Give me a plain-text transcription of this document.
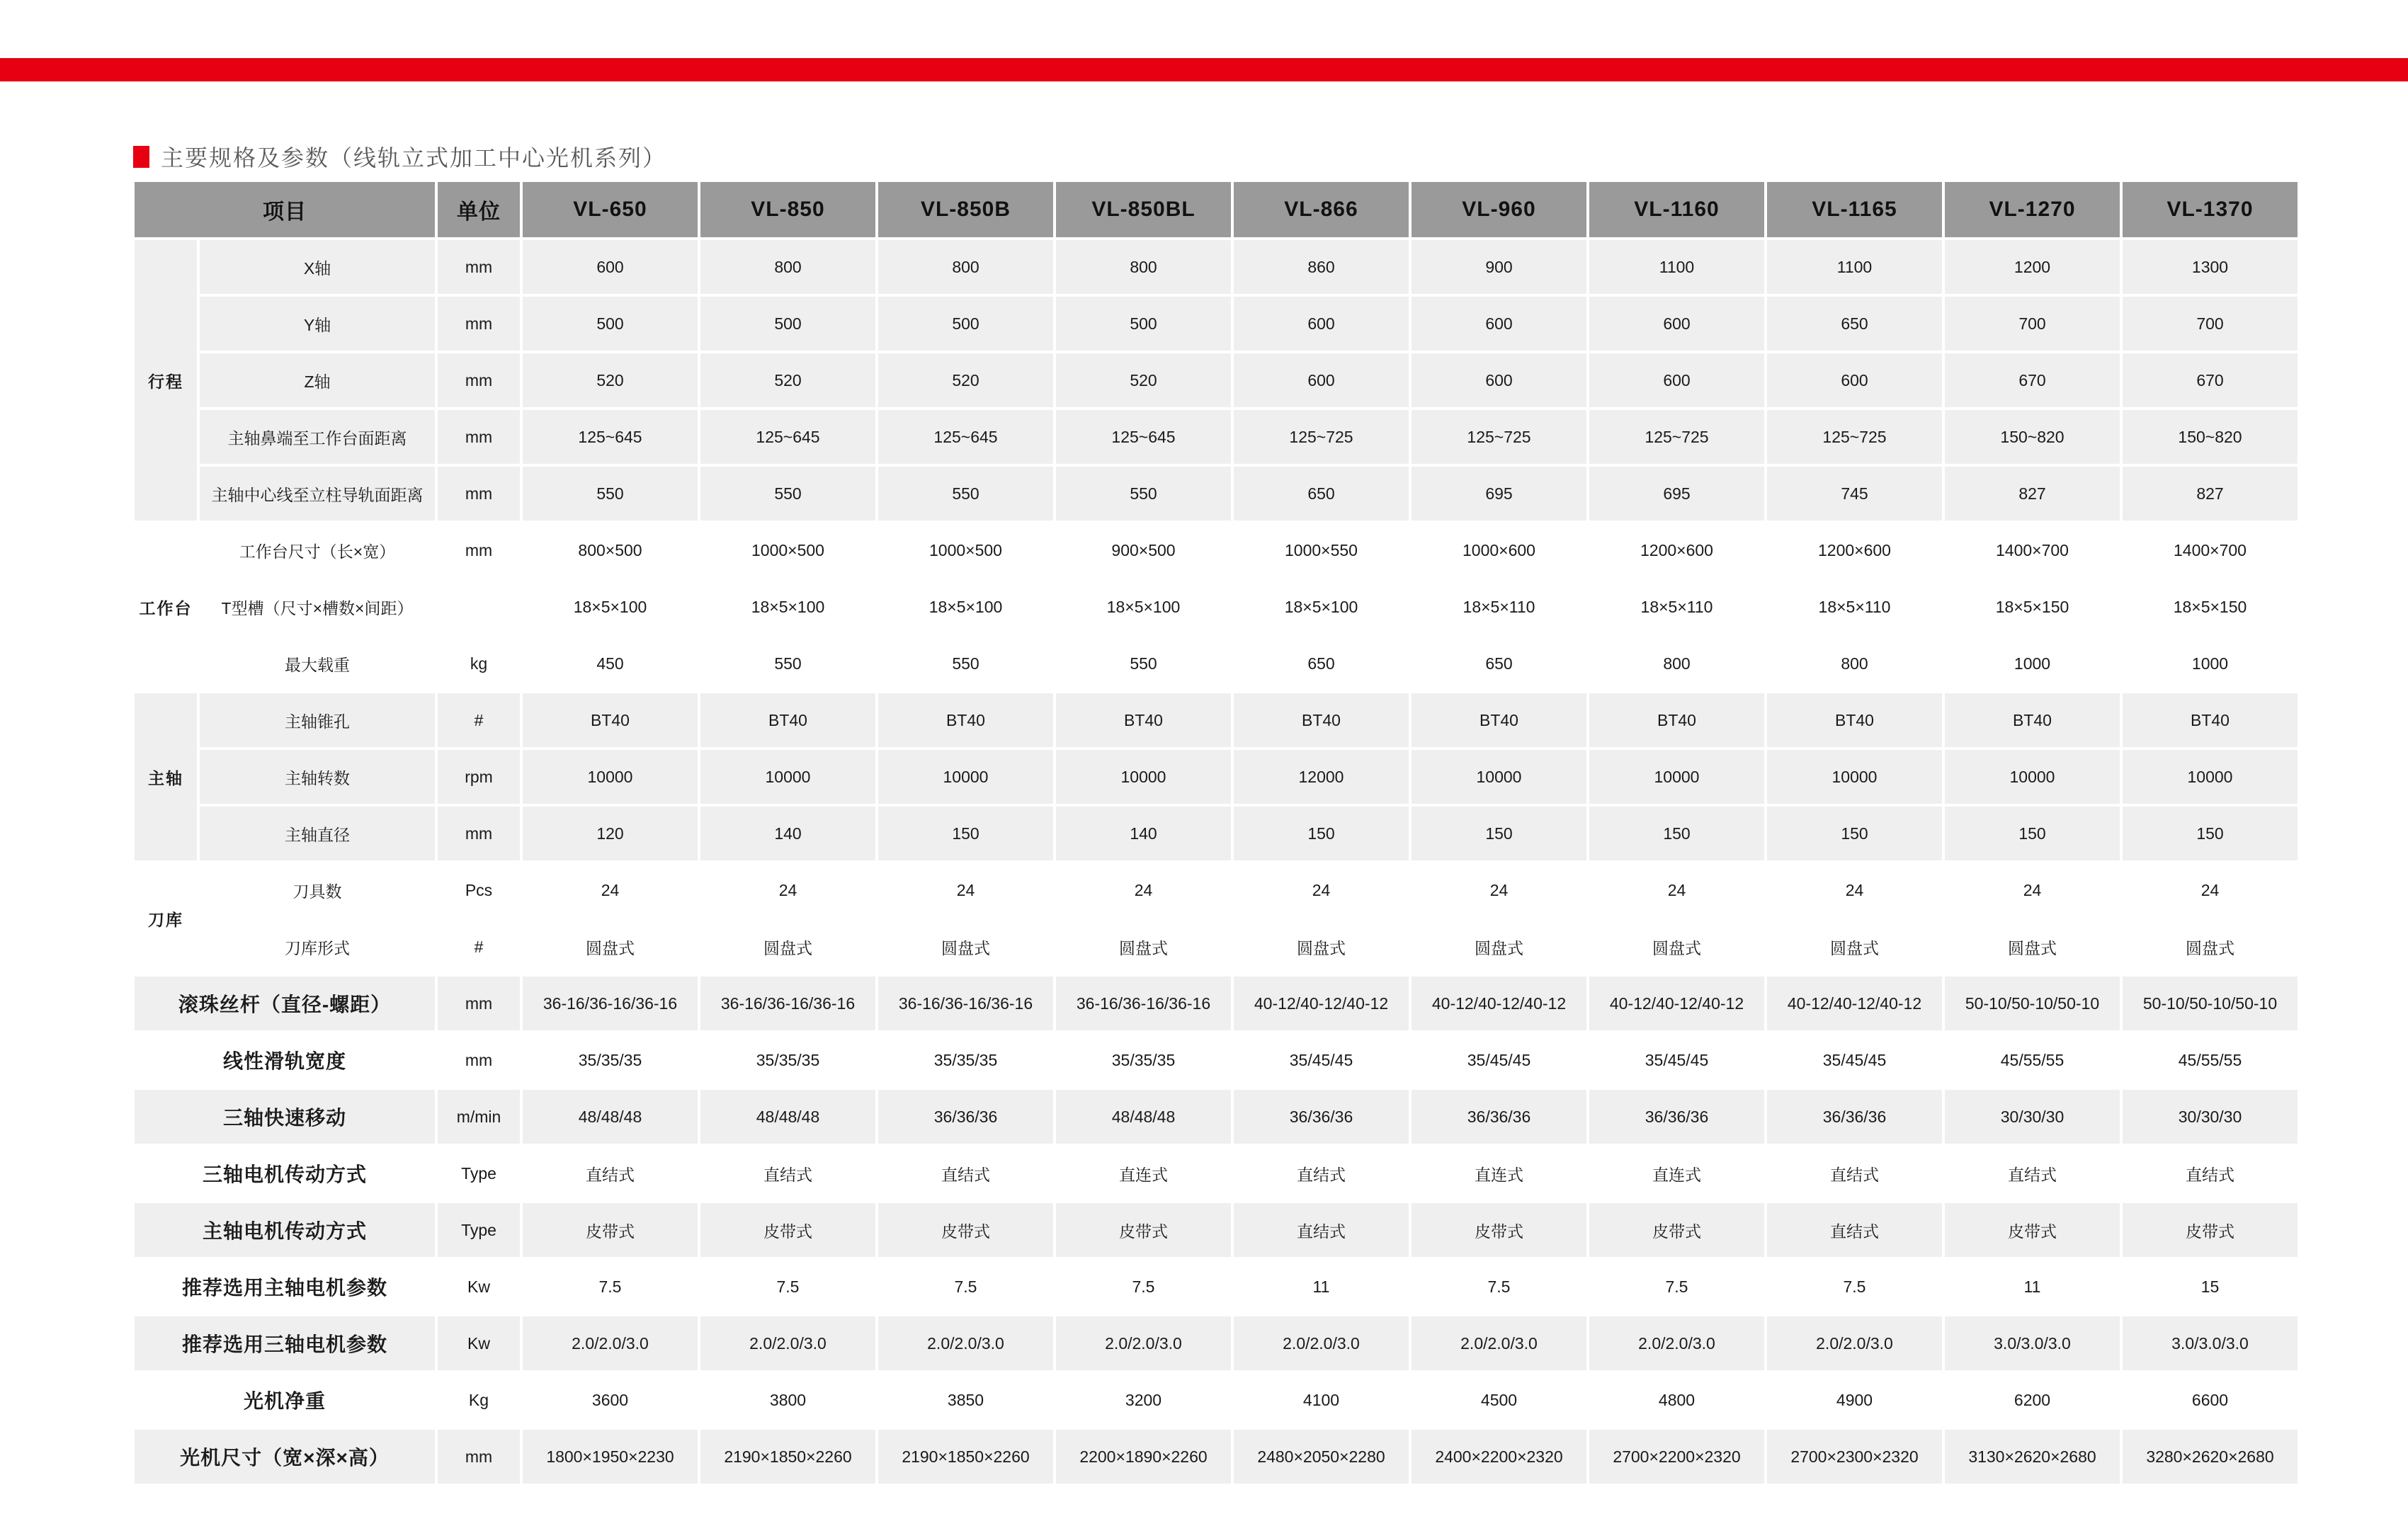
主要规格及参数（线轨立式加工中心光机系列）
项目		单位	VL-650	VL-850	VL-850B	VL-850BL	VL-866	VL-960	VL-1160	VL-1165	VL-1270	VL-1370
行程	X轴	mm	600	800	800	800	860	900	1100	1100	1200	1300
	Y轴	mm	500	500	500	500	600	600	600	650	700	700
	Z轴	mm	520	520	520	520	600	600	600	600	670	670
	主轴鼻端至工作台面距离	mm	125~645	125~645	125~645	125~645	125~725	125~725	125~725	125~725	150~820	150~820
	主轴中心线至立柱导轨面距离	mm	550	550	550	550	650	695	695	745	827	827
工作台	工作台尺寸（长×宽）	mm	800×500	1000×500	1000×500	900×500	1000×550	1000×600	1200×600	1200×600	1400×700	1400×700
	T型槽（尺寸×槽数×间距）		18×5×100	18×5×100	18×5×100	18×5×100	18×5×100	18×5×110	18×5×110	18×5×110	18×5×150	18×5×150
	最大载重	kg	450	550	550	550	650	650	800	800	1000	1000
主轴	主轴锥孔	#	BT40	BT40	BT40	BT40	BT40	BT40	BT40	BT40	BT40	BT40
	主轴转数	rpm	10000	10000	10000	10000	12000	10000	10000	10000	10000	10000
	主轴直径	mm	120	140	150	140	150	150	150	150	150	150
刀库	刀具数	Pcs	24	24	24	24	24	24	24	24	24	24
	刀库形式	#	圆盘式	圆盘式	圆盘式	圆盘式	圆盘式	圆盘式	圆盘式	圆盘式	圆盘式	圆盘式
滚珠丝杆（直径-螺距）		mm	36-16/36-16/36-16	36-16/36-16/36-16	36-16/36-16/36-16	36-16/36-16/36-16	40-12/40-12/40-12	40-12/40-12/40-12	40-12/40-12/40-12	40-12/40-12/40-12	50-10/50-10/50-10	50-10/50-10/50-10
线性滑轨宽度		mm	35/35/35	35/35/35	35/35/35	35/35/35	35/45/45	35/45/45	35/45/45	35/45/45	45/55/55	45/55/55
三轴快速移动		m/min	48/48/48	48/48/48	36/36/36	48/48/48	36/36/36	36/36/36	36/36/36	36/36/36	30/30/30	30/30/30
三轴电机传动方式		Type	直结式	直结式	直结式	直连式	直结式	直连式	直连式	直结式	直结式	直结式
主轴电机传动方式		Type	皮带式	皮带式	皮带式	皮带式	直结式	皮带式	皮带式	直结式	皮带式	皮带式
推荐选用主轴电机参数		Kw	7.5	7.5	7.5	7.5	11	7.5	7.5	7.5	11	15
推荐选用三轴电机参数		Kw	2.0/2.0/3.0	2.0/2.0/3.0	2.0/2.0/3.0	2.0/2.0/3.0	2.0/2.0/3.0	2.0/2.0/3.0	2.0/2.0/3.0	2.0/2.0/3.0	3.0/3.0/3.0	3.0/3.0/3.0
光机净重		Kg	3600	3800	3850	3200	4100	4500	4800	4900	6200	6600
光机尺寸（宽×深×高）		mm	1800×1950×2230	2190×1850×2260	2190×1850×2260	2200×1890×2260	2480×2050×2280	2400×2200×2320	2700×2200×2320	2700×2300×2320	3130×2620×2680	3280×2620×2680
